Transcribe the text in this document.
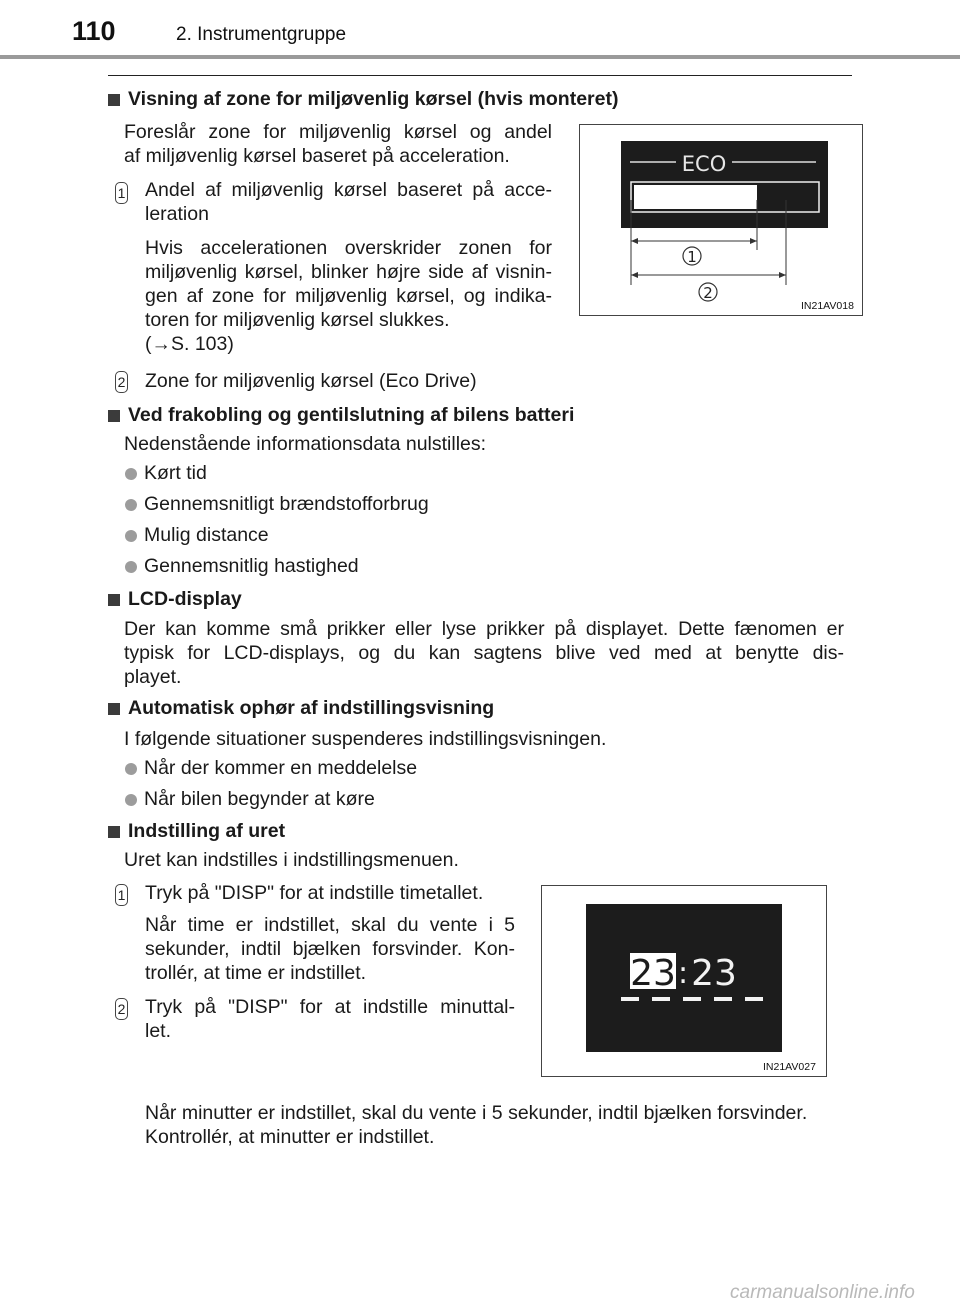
110	2. Instrumentgruppe
Visning af zone for miljøvenlig kørsel (hvis monteret)
Foreslår zone for miljøvenlig kørsel og andel
af miljøvenlig kørsel baseret på acceleration.
1 Andel af miljøvenlig kørsel baseret på acce-
leration
Hvis accelerationen overskrider zonen for
miljøvenlig kørsel, blinker højre side af visnin-
gen af zone for miljøvenlig kørsel, og indika-
toren for miljøvenlig kørsel slukkes.
(→S. 103)
2 Zone for miljøvenlig kørsel (Eco Drive)
ECO
1
2
IN21AV018
Ved frakobling og gentilslutning af bilens batteri
Nedenstående informationsdata nulstilles:
Kørt tid
Gennemsnitligt brændstofforbrug
Mulig distance
Gennemsnitlig hastighed
LCD-display
Der kan komme små prikker eller lyse prikker på displayet. Dette fænomen er
typisk for LCD-displays, og du kan sagtens blive ved med at benytte dis-
playet.
Automatisk ophør af indstillingsvisning
I følgende situationer suspenderes indstillingsvisningen.
Når der kommer en meddelelse
Når bilen begynder at køre
Indstilling af uret
Uret kan indstilles i indstillingsmenuen.
1 Tryk på "DISP" for at indstille timetallet.
Når time er indstillet, skal du vente i 5
sekunder, indtil bjælken forsvinder. Kon-
trollér, at time er indstillet.
2 Tryk på "DISP" for at indstille minuttal-
let.
23 : 23
IN21AV027
Når minutter er indstillet, skal du vente i 5 sekunder, indtil bjælken forsvinder.
Kontrollér, at minutter er indstillet.
carmanualsonline.info
